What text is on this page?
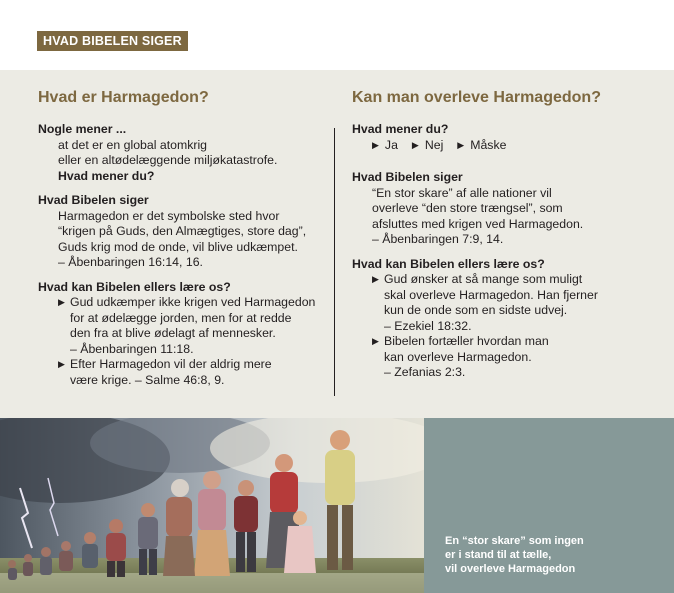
HVAD BIBELEN SIGER
Hvad er Harmagedon?

Nogle mener ...

at det er en global atomkrig

eller en altødelæggende miljøkatastrofe.

Hvad mener du?

Hvad Bibelen siger

Harmagedon er det symbolske sted hvor

“krigen på Guds, den Almægtiges, store dag”,

Guds krig mod de onde, vil blive udkæmpet.

– Åbenbaringen 16:14, 16.

Hvad kan Bibelen ellers lære os?

▶ Gud udkæmper ikke krigen ved Harmagedon
for at ødelægge jorden, men for at redde
den fra at blive ødelagt af mennesker.
– Åbenbaringen 11:18.
▶ Efter Harmagedon vil der aldrig mere
være krige. – Salme 46:8, 9.
Kan man overleve Harmagedon?

Hvad mener du?

▶ Ja ▶ Nej ▶ Måske

Hvad Bibelen siger

“En stor skare” af alle nationer vil

overleve “den store trængsel”, som

afsluttes med krigen ved Harmagedon.

– Åbenbaringen 7:9, 14.

Hvad kan Bibelen ellers lære os?

▶ Gud ønsker at så mange som muligt
skal overleve Harmagedon. Han fjerner
kun de onde som en sidste udvej.
– Ezekiel 18:32.
▶ Bibelen fortæller hvordan man
kan overleve Harmagedon.
– Zefanias 2:3.

En “stor skare” som ingen
er i stand til at tælle,
vil overleve Harmagedon
